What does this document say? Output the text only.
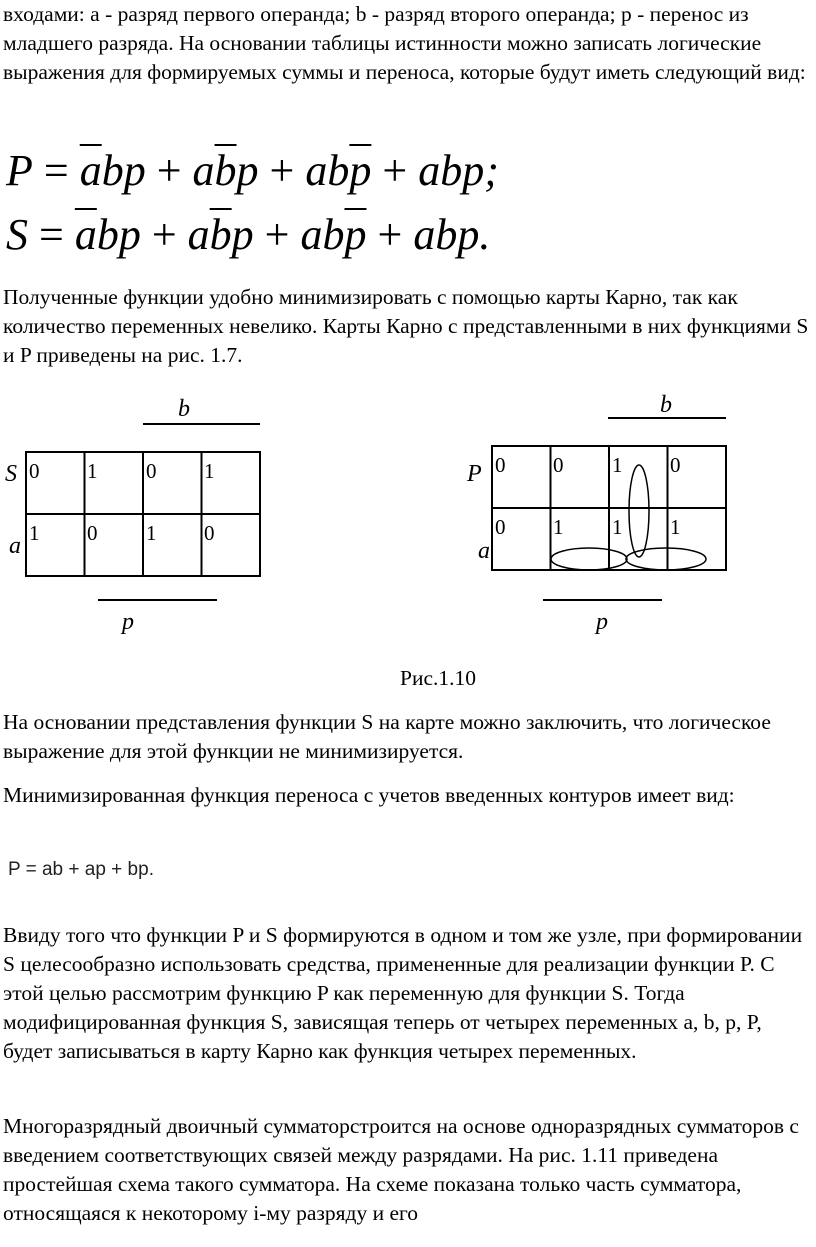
входами: a - разряд первого операнда; b - разряд второго операнда; p - перенос из младшего разряда. На основании таблицы истинности можно записать логические выражения для формируемых суммы и переноса, которые будут иметь следующий вид:

$P = \overline{a}bp + a\overline{b}p + ab\overline{p}$ + abp;
$S = \overline{a}bp + a\overline{b}p + ab\overline{p}$ + abp.

Полученные функции удобно минимизировать с помощью карты Карно, так как количество переменных невелико. Карты Карно с представленными в них функциями S и P приведены на рис. 1.7.

b
S
a
0 1 0 1
1 0 1 0
p
b
P
a
0 0 1 0
0 1 1 1
p
Рис.1.10

На основании представления функции S на карте можно заключить, что логическое выражение для этой функции не минимизируется.

Минимизированная функция переноса с учетов введенных контуров имеет вид:

P = ab + ap + bp.

Ввиду того что функции P и S формируются в одном и том же узле, при формировании S целесообразно использовать средства, примененные для реализации функции P. С этой целью рассмотрим функцию P как переменную для функции S. Тогда модифицированная функция S, зависящая теперь от четырех переменных a, b, p, P, будет записываться в карту Карно как функция четырех переменных.

Многоразрядный двоичный сумматорстроится на основе одноразрядных сумматоров с введением соответствующих связей между разрядами. На рис. 1.11 приведена простейшая схема такого сумматора. На схеме показана только часть сумматора, относящаяся к некоторому i-му разряду и его
